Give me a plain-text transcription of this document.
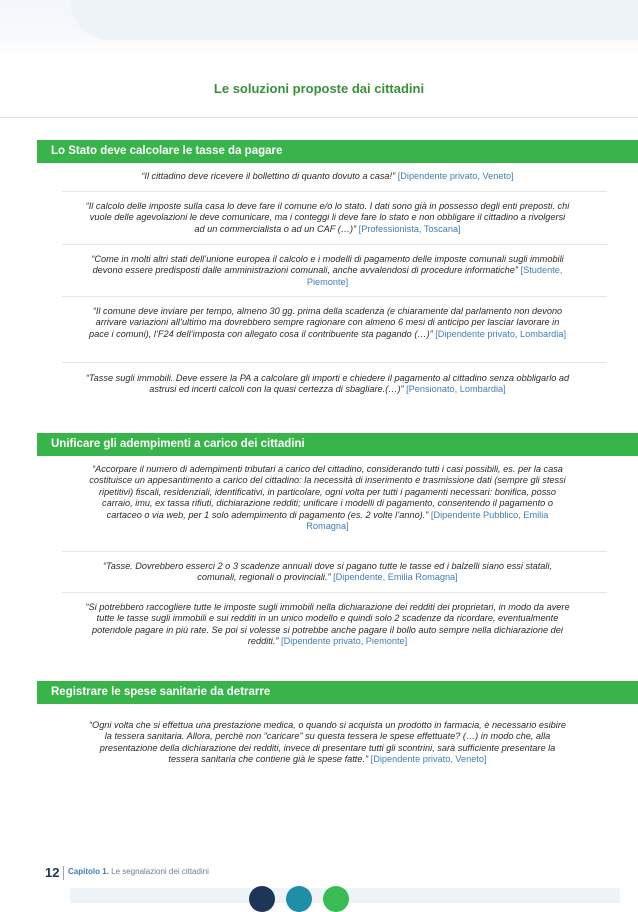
Le soluzioni proposte dai cittadini
Lo Stato deve calcolare le tasse da pagare
“Il cittadino deve ricevere il bollettino di quanto dovuto a casa!” [Dipendente privato, Veneto]
“Il calcolo delle imposte sulla casa lo deve fare il comune e/o lo stato. I dati sono già in possesso degli enti preposti. chi vuole delle agevolazioni le deve comunicare, ma i conteggi li deve fare lo stato e non obbligare il cittadino a rivolgersi ad un commercialista o ad un CAF (…)” [Professionista, Toscana]
“Come in molti altri stati dell’unione europea il calcolo e i modelli di pagamento delle imposte comunali sugli immobili devono essere predisposti dalle amministrazioni comunali, anche avvalendosi di procedure informatiche” [Studente, Piemonte]
“Il comune deve inviare per tempo, almeno 30 gg. prima della scadenza (e chiaramente dal parlamento non devono arrivare variazioni all’ultimo ma dovrebbero sempre ragionare con almeno 6 mesi di anticipo per lasciar lavorare in pace i comuni), l’F24 dell’imposta con allegato cosa il contribuente sta pagando (…)” [Dipendente privato, Lombardia]
“Tasse sugli immobili. Deve essere la PA a calcolare gli importi e chiedere il pagamento al cittadino senza obbligarlo ad astrusi ed incerti calcoli con la quasi certezza di sbagliare.(…)” [Pensionato, Lombardia]
Unificare gli adempimenti a carico dei cittadini
“Accorpare il numero di adempimenti tributari a carico del cittadino, considerando tutti i casi possibili, es. per la casa costituisce un appesantimento a carico del cittadino: la necessità di inserimento e trasmissione dati (sempre gli stessi ripetitivi) fiscali, residenziali, identificativi, in particolare, ogni volta per tutti i pagamenti necessari: bonifica, posso carraio, imu, ex tassa rifiuti, dichiarazione redditi; unificare i modelli di pagamento, consentendo il pagamento o cartaceo o via web, per 1 solo adempimento di pagamento (es. 2 volte l’anno).” [Dipendente Pubblico, Emilia Romagna]
“Tasse. Dovrebbero esserci 2 o 3 scadenze annuali dove si pagano tutte le tasse ed i balzelli siano essi statali, comunali, regionali o provinciali.” [Dipendente, Emilia Romagna]
“Si potrebbero raccogliere tutte le imposte sugli immobili nella dichiarazione dei redditi dei proprietari, in modo da avere tutte le tasse sugli immobili e sui redditi in un unico modello e quindi solo 2 scadenze da ricordare, eventualmente potendole pagare in più rate. Se poi si volesse si potrebbe anche pagare il bollo auto sempre nella dichiarazione dei redditi.” [Dipendente privato, Piemonte]
Registrare le spese sanitarie da detrarre
“Ogni volta che si effettua una prestazione medica, o quando si acquista un prodotto in farmacia, è necessario esibire la tessera sanitaria. Allora, perchè non “caricare” su questa tessera le spese effettuate? (…) in modo che, alla presentazione della dichiarazione dei redditi, invece di presentare tutti gli scontrini, sarà sufficiente presentare la tessera sanitaria che contiene già le spese fatte.” [Dipendente privato, Veneto]
12 Capitolo 1. Le segnalazioni dei cittadini
